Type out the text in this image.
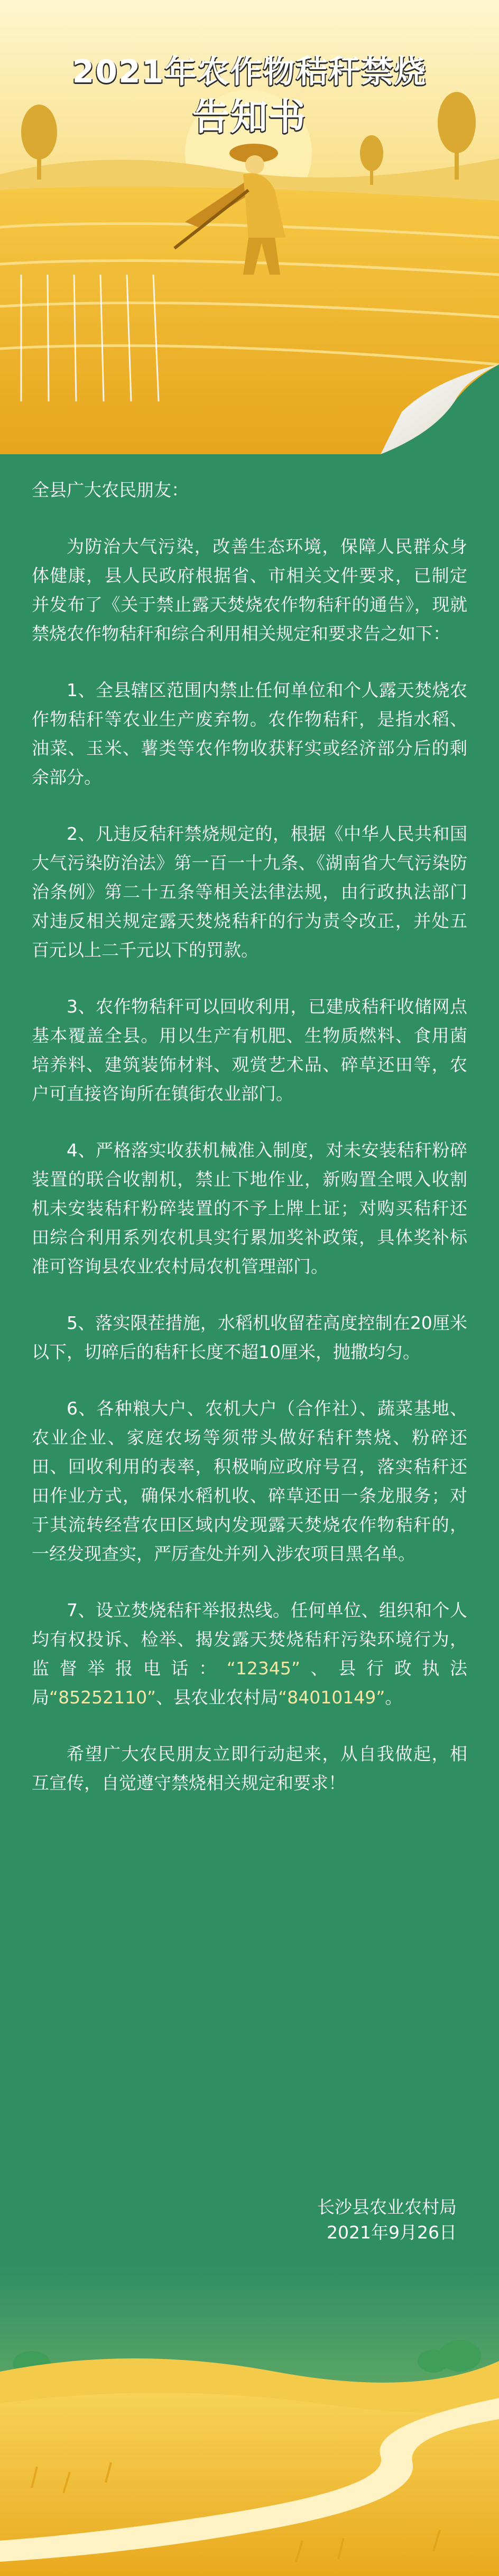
2021年农作物秸秆禁烧
告知书

全县广大农民朋友：

为防治大气污染，改善生态环境，保障人民群众身体健康，县人民政府根据省、市相关文件要求，已制定并发布了《关于禁止露天焚烧农作物秸秆的通告》，现就禁烧农作物秸秆和综合利用相关规定和要求告之如下：

1、全县辖区范围内禁止任何单位和个人露天焚烧农作物秸秆等农业生产废弃物。农作物秸秆，是指水稻、油菜、玉米、薯类等农作物收获籽实或经济部分后的剩余部分。

2、凡违反秸秆禁烧规定的，根据《中华人民共和国大气污染防治法》第一百一十九条、《湖南省大气污染防治条例》第二十五条等相关法律法规，由行政执法部门对违反相关规定露天焚烧秸秆的行为责令改正，并处五百元以上二千元以下的罚款。

3、农作物秸秆可以回收利用，已建成秸秆收储网点基本覆盖全县。用以生产有机肥、生物质燃料、食用菌培养料、建筑装饰材料、观赏艺术品、碎草还田等，农户可直接咨询所在镇街农业部门。

4、严格落实收获机械准入制度，对未安装秸秆粉碎装置的联合收割机，禁止下地作业，新购置全喂入收割机未安装秸秆粉碎装置的不予上牌上证；对购买秸秆还田综合利用系列农机具实行累加奖补政策，具体奖补标准可咨询县农业农村局农机管理部门。

5、落实限茬措施，水稻机收留茬高度控制在20厘米以下，切碎后的秸秆长度不超10厘米，抛撒均匀。

6、各种粮大户、农机大户（合作社）、蔬菜基地、农业企业、家庭农场等须带头做好秸秆禁烧、粉碎还田、回收利用的表率，积极响应政府号召，落实秸秆还田作业方式，确保水稻机收、碎草还田一条龙服务；对于其流转经营农田区域内发现露天焚烧农作物秸秆的，一经发现查实，严厉查处并列入涉农项目黑名单。

7、设立焚烧秸秆举报热线。任何单位、组织和个人均有权投诉、检举、揭发露天焚烧秸秆污染环境行为，监督举报电话：“12345”、县行政执法局“85252110”、县农业农村局“84010149”。

希望广大农民朋友立即行动起来，从自我做起，相互宣传，自觉遵守禁烧相关规定和要求！

长沙县农业农村局
2021年9月26日
